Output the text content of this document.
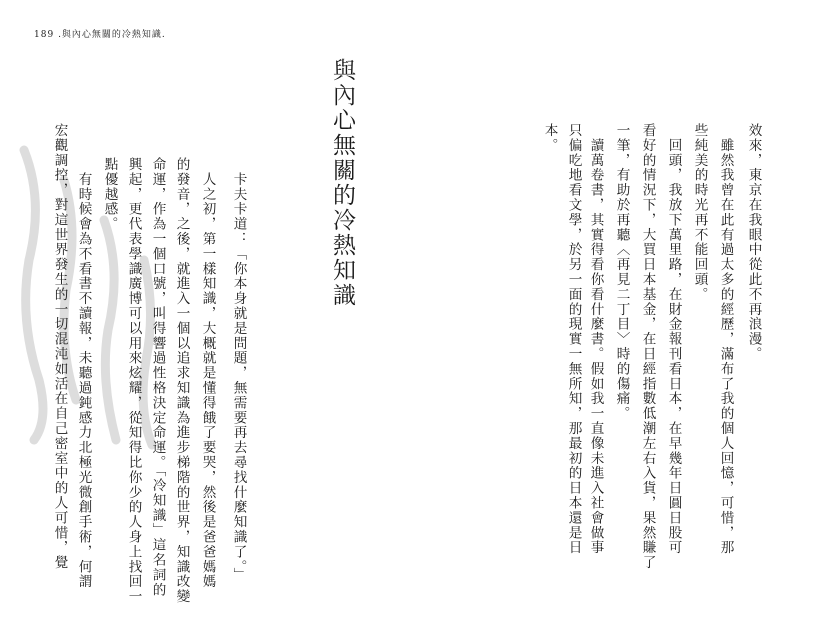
189 .與內心無關的冷熱知識.
與內心無關的冷熱知識	效來，東京在我眼中從此不再浪漫。
　雖然我曾在此有過太多的經歷，滿布了我的個人回憶，可惜，那
些純美的時光再不能回頭。
　回頭，我放下萬里路，在財金報刊看日本，在早幾年日圓日股可
看好的情況下，大買日本基金，在日經指數低潮左右入貨，果然賺了
一筆，有助於再聽〈再見二丁目〉時的傷痛。
　讀萬卷書，其實得看你看什麼書。假如我一直像未進入社會做事
只偏吃地看文學，於另一面的現實一無所知，那最初的日本還是日
本。
　卡夫卡道：「你本身就是問題，無需要再去尋找什麼知識了。」
　人之初，第一樣知識，大概就是懂得餓了要哭，然後是爸爸媽媽
的發音，之後，就進入一個以追求知識為進步梯階的世界，知識改變
命運，作為一個口號，叫得響過性格決定命運。「冷知識」這名詞的
興起，更代表學識廣博可以用來炫耀，從知得比你少的人身上找回一
點優越感。
　有時候會為不看書不讀報，未聽過鈍感力北極光微創手術，何謂
宏觀調控，對這世界發生的一切混沌如活在自己密室中的人可惜，覺
